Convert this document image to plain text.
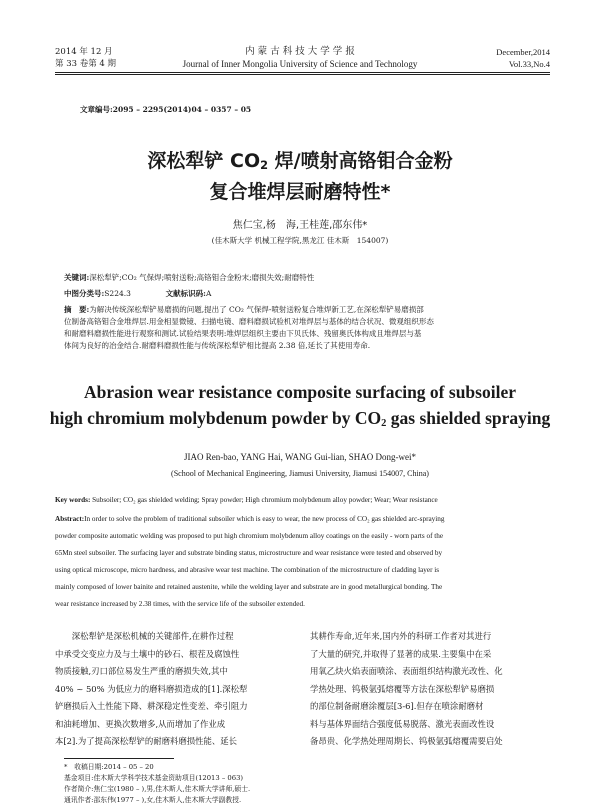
2014 年 12 月
第 33 卷第 4 期
内 蒙 古 科 技 大 学 学 报
Journal of Inner Mongolia University of Science and Technology
December,2014
Vol.33,No.4
文章编号:2095 – 2295(2014)04 – 0357 – 05
深松犁铲 CO2 焊/喷射高铬钼合金粉
复合堆焊层耐磨特性*
焦仁宝,杨　海,王桂莲,邵东伟*
(佳木斯大学 机械工程学院,黑龙江 佳木斯　154007)
关键词:深松犁铲;CO₂ 气保焊;喷射送粉;高铬钼合金粉末;磨损失效;耐磨特性
中图分类号:S224.3	文献标识码:A
摘　要:为解决传统深松犁铲易磨损的问题,提出了 CO₂ 气保焊-喷射送粉复合堆焊新工艺,在深松犁铲易磨损部
位制备高铬钼合金堆焊层.用金相显微镜、扫描电镜、磨料磨损试验机对堆焊层与基体的结合状况、微观组织形态
和耐磨料磨损性能进行观察和测试.试验结果表明:堆焊层组织主要由下贝氏体、残留奥氏体构成且堆焊层与基
体间为良好的冶金结合.耐磨料磨损性能与传统深松犁铲相比提高 2.38 倍,延长了其使用寿命.
Abrasion wear resistance composite surfacing of subsoiler
high chromium molybdenum powder by CO2 gas shielded spraying
JIAO Ren-bao, YANG Hai, WANG Gui-lian, SHAO Dong-wei*
(School of Mechanical Engineering, Jiamusi University, Jiamusi 154007, China)
Key words: Subsoiler; CO₂ gas shielded welding; Spray powder; High chromium molybdenum alloy powder; Wear; Wear resistance
Abstract:In order to solve the problem of traditional subsoiler which is easy to wear, the new process of CO₂ gas shielded arc-spraying
powder composite automatic welding was proposed to put high chromium molybdenum alloy coatings on the easily - worn parts of the
65Mn steel subsoiler. The surfacing layer and substrate binding status, microstructure and wear resistance were tested and observed by
using optical microscope, micro hardness, and abrasive wear test machine. The combination of the microstructure of cladding layer is
mainly composed of lower bainite and retained austenite, while the welding layer and substrate are in good metallurgical bonding. The
wear resistance increased by 2.38 times, with the service life of the subsoiler extended.
　　深松犁铲是深松机械的关键部件,在耕作过程
中承受交变应力及与土壤中的砂石、根茬及腐蚀性
物质接触,刃口部位易发生严重的磨损失效,其中
40% ~ 50% 为低应力的磨料磨损造成的[1].深松犁
铲磨损后入土性能下降、耕深稳定性变差、牵引阻力
和油耗增加、更换次数增多,从而增加了作业成
本[2].为了提高深松犁铲的耐磨料磨损性能、延长
其耕作寿命,近年来,国内外的科研工作者对其进行
了大量的研究,并取得了显著的成果.主要集中在采
用氧乙炔火焰表面喷涂、表面组织结构激光改性、化
学热处理、钨极氩弧熔覆等方法在深松犁铲易磨损
的部位制备耐磨涂覆层[3-6].但存在喷涂耐磨材
料与基体界面结合强度低易脱落、激光表面改性设
备昂贵、化学热处理周期长、钨极氩弧熔覆需要启处
*　收稿日期:2014 – 05 – 20
基金项目:佳木斯大学科学技术基金资助项目(12013 – 063)
作者简介:焦仁宝(1980 – ),男,佳木斯人,佳木斯大学讲师,硕士.
通讯作者:邵东伟(1977 – ),女,佳木斯人,佳木斯大学副教授.
